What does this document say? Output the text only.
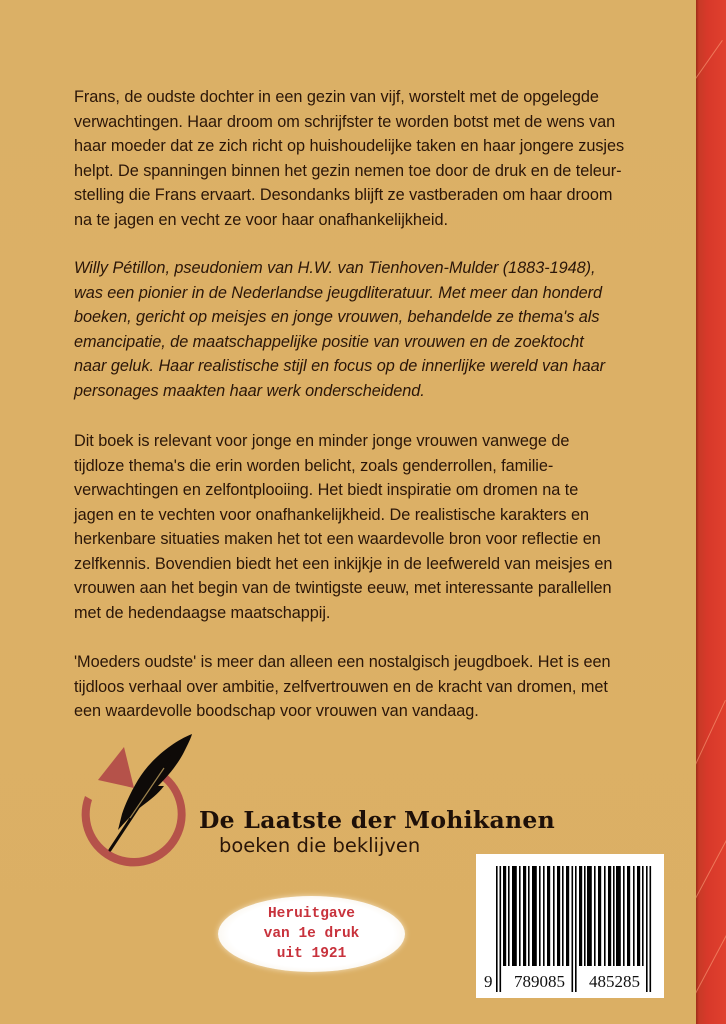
Frans, de oudste dochter in een gezin van vijf, worstelt met de opgelegde
verwachtingen. Haar droom om schrijfster te worden botst met de wens van
haar moeder dat ze zich richt op huishoudelijke taken en haar jongere zusjes
helpt. De spanningen binnen het gezin nemen toe door de druk en de teleur-
stelling die Frans ervaart. Desondanks blijft ze vastberaden om haar droom
na te jagen en vecht ze voor haar onafhankelijkheid.
Willy Pétillon, pseudoniem van H.W. van Tienhoven-Mulder (1883-1948),
was een pionier in de Nederlandse jeugdliteratuur. Met meer dan honderd
boeken, gericht op meisjes en jonge vrouwen, behandelde ze thema's als
emancipatie, de maatschappelijke positie van vrouwen en de zoektocht
naar geluk. Haar realistische stijl en focus op de innerlijke wereld van haar
personages maakten haar werk onderscheidend.
Dit boek is relevant voor jonge en minder jonge vrouwen vanwege de
tijdloze thema's die erin worden belicht, zoals genderrollen, familie-
verwachtingen en zelfontplooiing. Het biedt inspiratie om dromen na te
jagen en te vechten voor onafhankelijkheid. De realistische karakters en
herkenbare situaties maken het tot een waardevolle bron voor reflectie en
zelfkennis. Bovendien biedt het een inkijkje in de leefwereld van meisjes en
vrouwen aan het begin van de twintigste eeuw, met interessante parallellen
met de hedendaagse maatschappij.
'Moeders oudste' is meer dan alleen een nostalgisch jeugdboek. Het is een
tijdloos verhaal over ambitie, zelfvertrouwen en de kracht van dromen, met
een waardevolle boodschap voor vrouwen van vandaag.
De Laatste der Mohikanen
boeken die beklijven
Heruitgave
van 1e druk
uit 1921
9 789085 485285
